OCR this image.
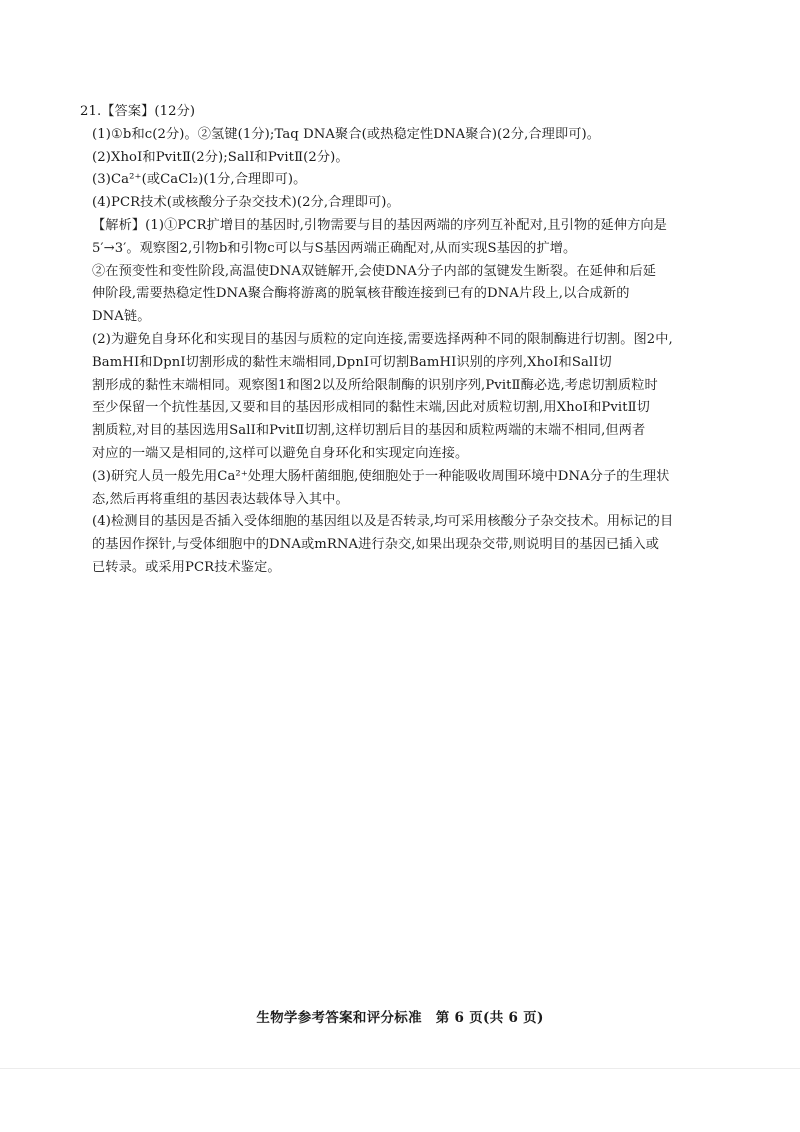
21.【答案】(12分)
(1)①b和c(2分)。②氢键(1分);Taq DNA聚合(或热稳定性DNA聚合)(2分,合理即可)。
(2)XhoⅠ和PvitⅡ(2分);SalⅠ和PvitⅡ(2分)。
(3)Ca²⁺(或CaCl₂)(1分,合理即可)。
(4)PCR技术(或核酸分子杂交技术)(2分,合理即可)。
【解析】(1)①PCR扩增目的基因时,引物需要与目的基因两端的序列互补配对,且引物的延伸方向是
5′→3′。观察图2,引物b和引物c可以与S基因两端正确配对,从而实现S基因的扩增。
②在预变性和变性阶段,高温使DNA双链解开,会使DNA分子内部的氢键发生断裂。在延伸和后延
伸阶段,需要热稳定性DNA聚合酶将游离的脱氧核苷酸连接到已有的DNA片段上,以合成新的
DNA链。
(2)为避免自身环化和实现目的基因与质粒的定向连接,需要选择两种不同的限制酶进行切割。图2中,
BamHⅠ和DpnⅠ切割形成的黏性末端相同,DpnⅠ可切割BamHⅠ识别的序列,XhoⅠ和SalⅠ切
割形成的黏性末端相同。观察图1和图2以及所给限制酶的识别序列,PvitⅡ酶必选,考虑切割质粒时
至少保留一个抗性基因,又要和目的基因形成相同的黏性末端,因此对质粒切割,用XhoⅠ和PvitⅡ切
割质粒,对目的基因选用SalⅠ和PvitⅡ切割,这样切割后目的基因和质粒两端的末端不相同,但两者
对应的一端又是相同的,这样可以避免自身环化和实现定向连接。
(3)研究人员一般先用Ca²⁺处理大肠杆菌细胞,使细胞处于一种能吸收周围环境中DNA分子的生理状
态,然后再将重组的基因表达载体导入其中。
(4)检测目的基因是否插入受体细胞的基因组以及是否转录,均可采用核酸分子杂交技术。用标记的目
的基因作探针,与受体细胞中的DNA或mRNA进行杂交,如果出现杂交带,则说明目的基因已插入或
已转录。或采用PCR技术鉴定。
生物学参考答案和评分标准　第 6 页(共 6 页)
